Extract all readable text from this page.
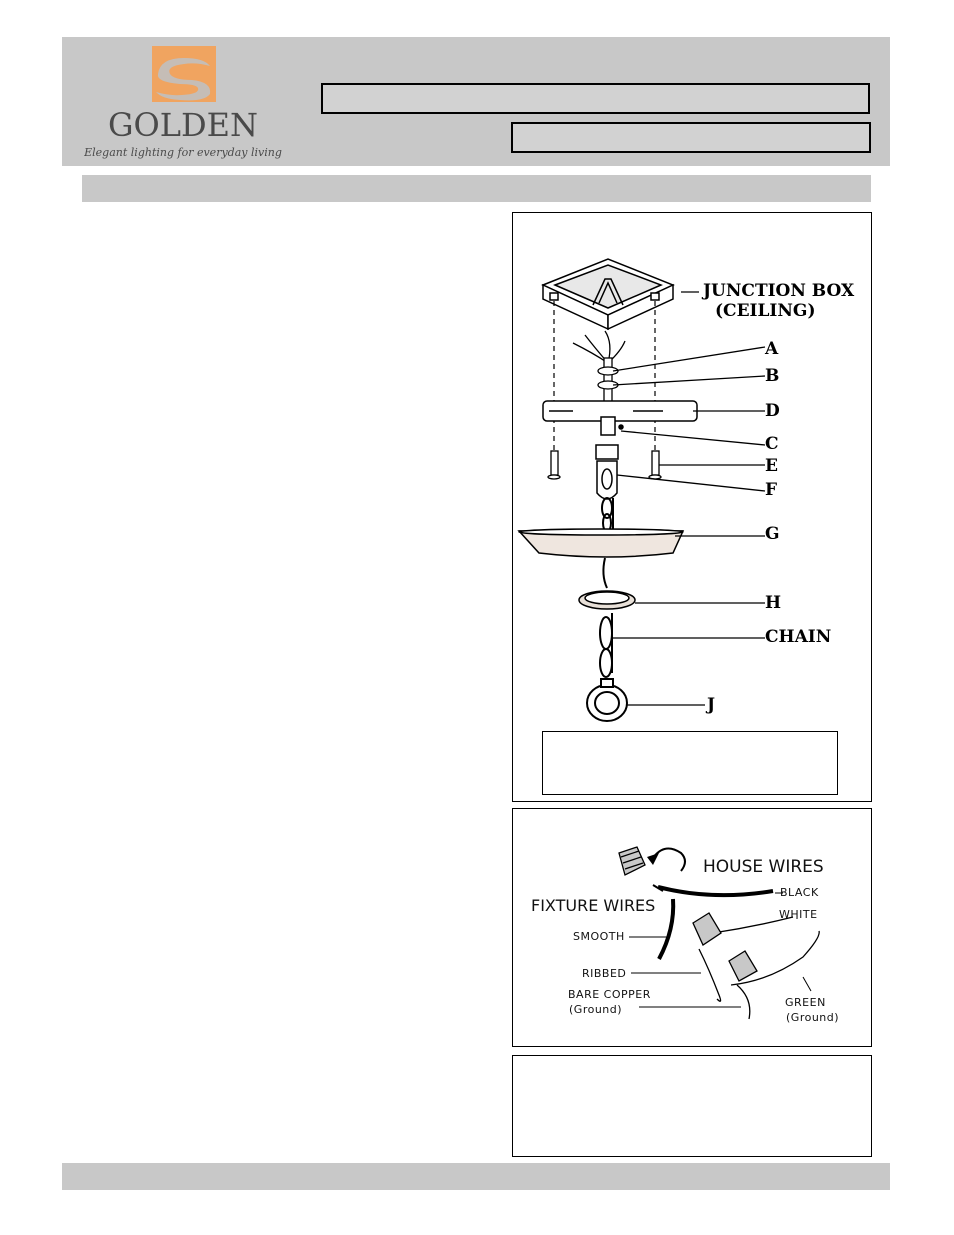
GOLDEN
Elegant lighting for everyday living
JUNCTION BOX
(CEILING)
A
B
D
C
E
F
G
H
CHAIN
J
HOUSE WIRES
FIXTURE WIRES
BLACK
WHITE
SMOOTH
RIBBED
BARE COPPER
(Ground)
GREEN
(Ground)
